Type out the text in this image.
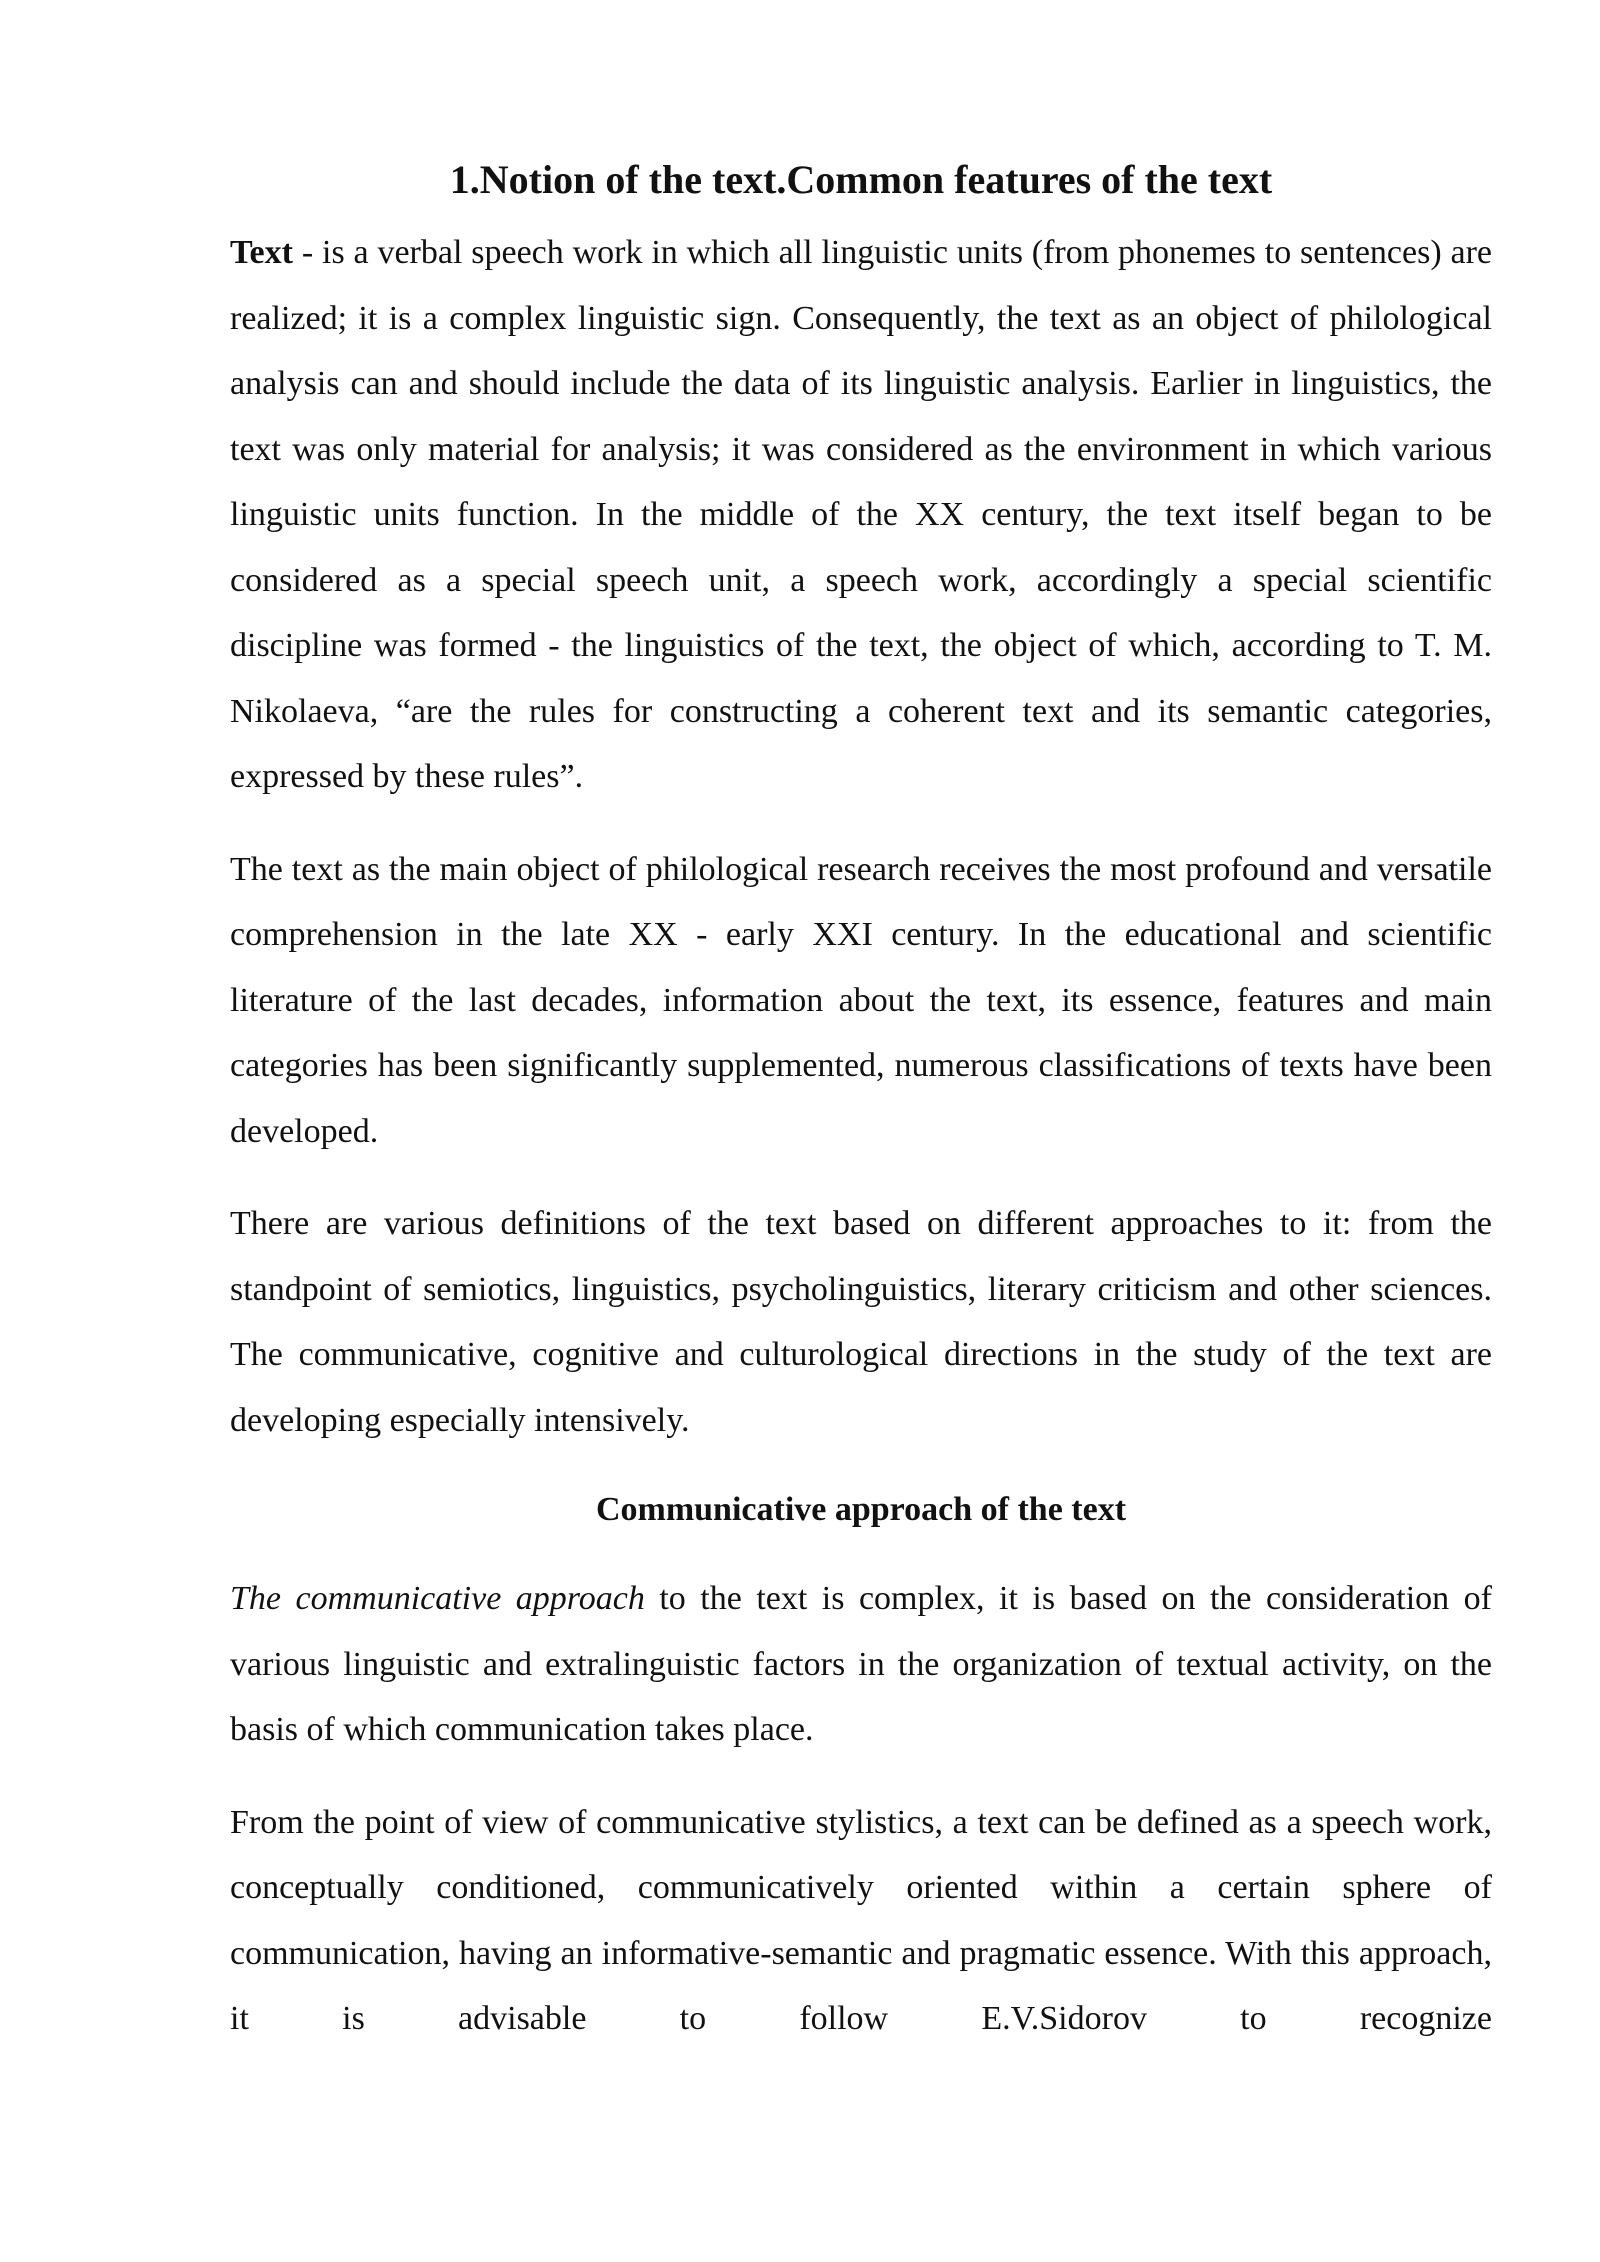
1.Notion of the text.Common features of the text

Text - is a verbal speech work in which all linguistic units (from phonemes to sentences) are realized; it is a complex linguistic sign. Consequently, the text as an object of philological analysis can and should include the data of its linguistic analysis. Earlier in linguistics, the text was only material for analysis; it was considered as the environment in which various linguistic units function. In the middle of the XX century, the text itself began to be considered as a special speech unit, a speech work, accordingly a special scientific discipline was formed - the linguistics of the text, the object of which, according to T. M. Nikolaeva, “are the rules for constructing a coherent text and its semantic categories, expressed by these rules”.

The text as the main object of philological research receives the most profound and versatile comprehension in the late XX - early XXI century. In the educational and scientific literature of the last decades, information about the text, its essence, features and main categories has been significantly supplemented, numerous classifications of texts have been developed.

There are various definitions of the text based on different approaches to it: from the standpoint of semiotics, linguistics, psycholinguistics, literary criticism and other sciences. The communicative, cognitive and culturological directions in the study of the text are developing especially intensively.

Communicative approach of the text

The communicative approach to the text is complex, it is based on the consideration of various linguistic and extralinguistic factors in the organization of textual activity, on the basis of which communication takes place.

From the point of view of communicative stylistics, a text can be defined as a speech work, conceptually conditioned, communicatively oriented within a certain sphere of communication, having an informative-semantic and pragmatic essence. With this approach, it is advisable to follow E.V.Sidorov to recognize
